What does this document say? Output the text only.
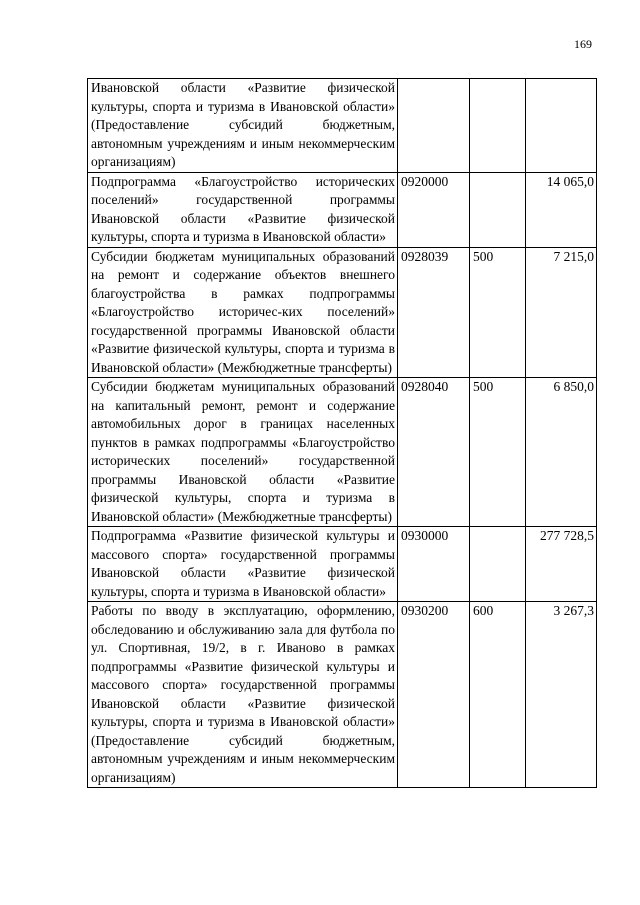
169
Ивановской области «Развитие физической культуры, спорта и туризма в Ивановской области» (Предоставление субсидий бюджетным, автономным учреждениям и иным некоммерческим организациям)			

Подпрограмма «Благоустройство исторических поселений» государственной программы Ивановской области «Развитие физической культуры, спорта и туризма в Ивановской области»	0920000		14 065,0

Субсидии бюджетам муниципальных образований на ремонт и содержание объектов внешнего благоустройства в рамках подпрограммы «Благоустройство историчес-ких поселений» государственной программы Ивановской области «Развитие физической культуры, спорта и туризма в Ивановской области» (Межбюджетные трансферты)	0928039	500	7 215,0

Субсидии бюджетам муниципальных образований на капитальный ремонт, ремонт и содержание автомобильных дорог в границах населенных пунктов в рамках подпрограммы «Благоустройство исторических поселений» государственной программы Ивановской области «Развитие физической культуры, спорта и туризма в Ивановской области» (Межбюджетные трансферты)	0928040	500	6 850,0

Подпрограмма «Развитие физической культуры и массового спорта» государственной программы Ивановской области «Развитие физической культуры, спорта и туризма в Ивановской области»	0930000		277 728,5

Работы по вводу в эксплуатацию, оформлению, обследованию и обслуживанию зала для футбола по ул. Спортивная, 19/2, в г. Иваново в рамках подпрограммы «Развитие физической культуры и массового спорта» государственной программы Ивановской области «Развитие физической культуры, спорта и туризма в Ивановской области» (Предоставление субсидий бюджетным, автономным учреждениям и иным некоммерческим организациям)	0930200	600	3 267,3
